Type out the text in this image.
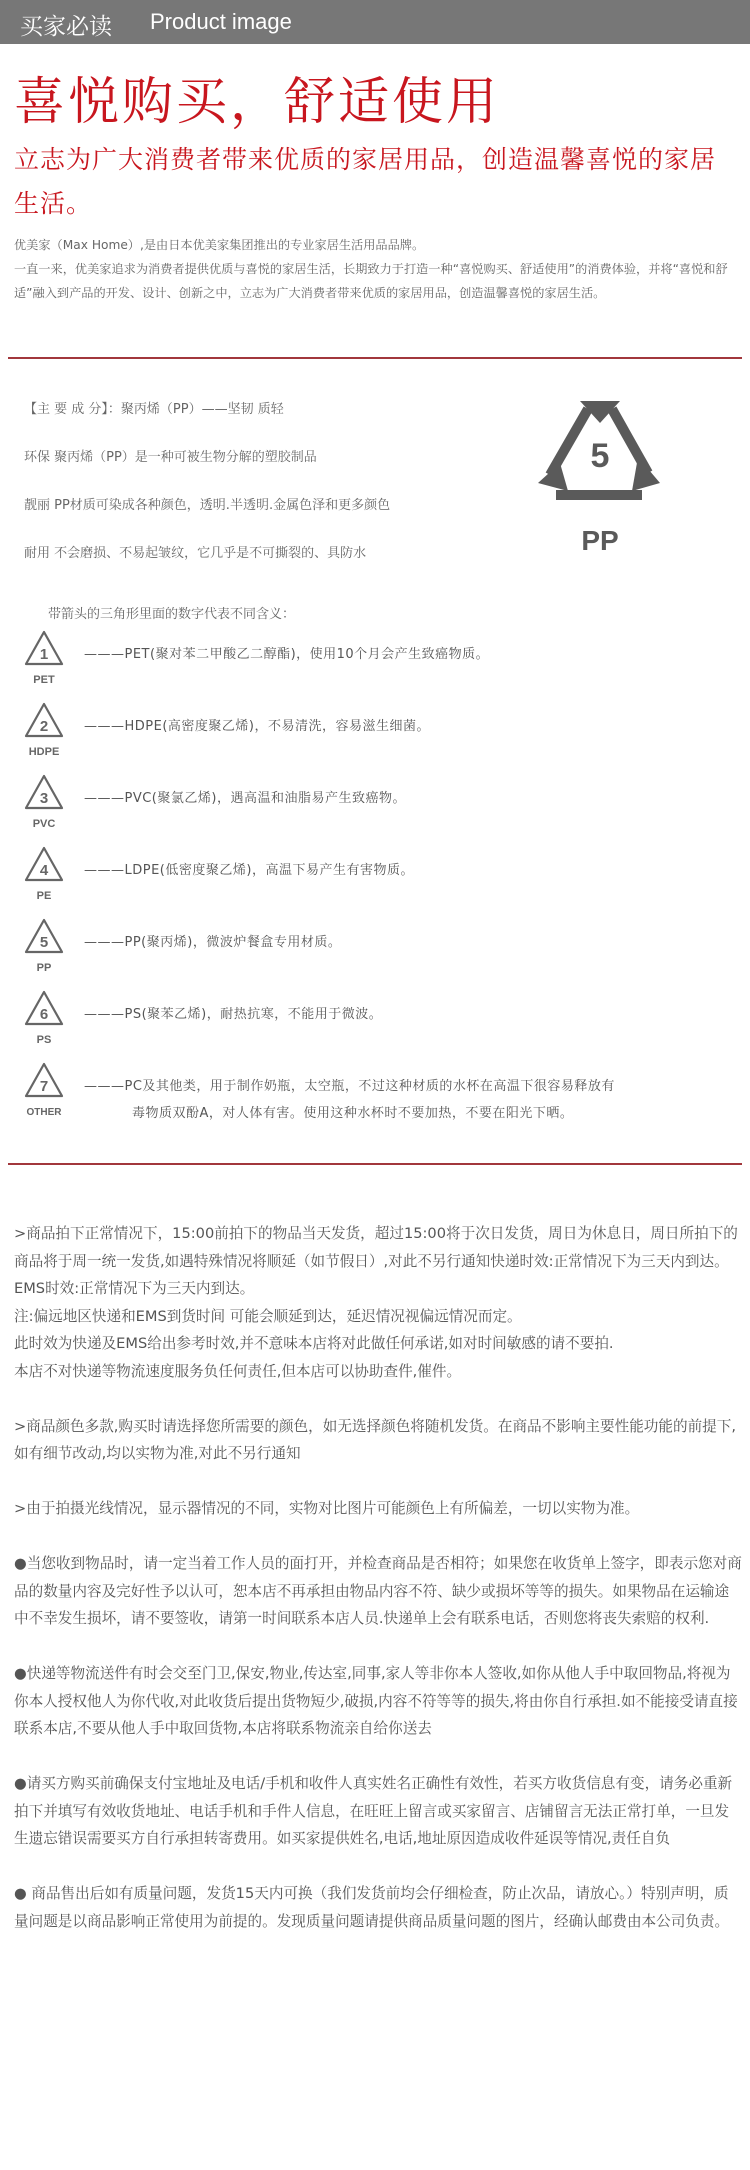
买家必读 Product image
喜悦购买，舒适使用
立志为广大消费者带来优质的家居用品，创造温馨喜悦的家居生活。
优美家（Max Home）,是由日本优美家集团推出的专业家居生活用品品牌。
一直一来，优美家追求为消费者提供优质与喜悦的家居生活，长期致力于打造一种“喜悦购买、舒适使用”的消费体验，并将“喜悦和舒适”融入到产品的开发、设计、创新之中，立志为广大消费者带来优质的家居用品，创造温馨喜悦的家居生活。
【主 要 成 分】：聚丙烯（PP）——坚韧 质轻
环保 聚丙烯（PP）是一种可被生物分解的塑胶制品
靓丽 PP材质可染成各种颜色，透明.半透明.金属色泽和更多颜色
耐用 不会磨损、不易起皱纹，它几乎是不可撕裂的、具防水
5
PP
带箭头的三角形里面的数字代表不同含义：
1
PET
———PET(聚对苯二甲酸乙二醇酯)，使用10个月会产生致癌物质。
2
HDPE
———HDPE(高密度聚乙烯)，不易清洗，容易滋生细菌。
3
PVC
———PVC(聚氯乙烯)，遇高温和油脂易产生致癌物。
4
PE
———LDPE(低密度聚乙烯)，高温下易产生有害物质。
5
PP
———PP(聚丙烯)，微波炉餐盒专用材质。
6
PS
———PS(聚苯乙烯)，耐热抗寒，不能用于微波。
7
OTHER
———PC及其他类，用于制作奶瓶，太空瓶，不过这种材质的水杯在高温下很容易释放有
毒物质双酚A，对人体有害。使用这种水杯时不要加热，不要在阳光下晒。

>商品拍下正常情况下，15:00前拍下的物品当天发货，超过15:00将于次日发货，周日为休息日，周日所拍下的商品将于周一统一发货,如遇特殊情况将顺延（如节假日）,对此不另行通知快递时效:正常情况下为三天内到达。
EMS时效:正常情况下为三天内到达。
注:偏远地区快递和EMS到货时间 可能会顺延到达，延迟情况视偏远情况而定。
此时效为快递及EMS给出参考时效,并不意味本店将对此做任何承诺,如对时间敏感的请不要拍.
本店不对快递等物流速度服务负任何责任,但本店可以协助查件,催件。

>商品颜色多款,购买时请选择您所需要的颜色，如无选择颜色将随机发货。在商品不影响主要性能功能的前提下,如有细节改动,均以实物为准,对此不另行通知

>由于拍摄光线情况，显示器情况的不同，实物对比图片可能颜色上有所偏差，一切以实物为准。

●当您收到物品时，请一定当着工作人员的面打开，并检查商品是否相符；如果您在收货单上签字，即表示您对商品的数量内容及完好性予以认可，恕本店不再承担由物品内容不符、缺少或损坏等等的损失。如果物品在运输途中不幸发生损坏，请不要签收，请第一时间联系本店人员.快递单上会有联系电话，否则您将丧失索赔的权利.

●快递等物流送件有时会交至门卫,保安,物业,传达室,同事,家人等非你本人签收,如你从他人手中取回物品,将视为你本人授权他人为你代收,对此收货后提出货物短少,破损,内容不符等等的损失,将由你自行承担.如不能接受请直接联系本店,不要从他人手中取回货物,本店将联系物流亲自给你送去

●请买方购买前确保支付宝地址及电话/手机和收件人真实姓名正确性有效性，若买方收货信息有变，请务必重新拍下并填写有效收货地址、电话手机和手件人信息，在旺旺上留言或买家留言、店铺留言无法正常打单，一旦发生遗忘错误需要买方自行承担转寄费用。如买家提供姓名,电话,地址原因造成收件延误等情况,责任自负

● 商品售出后如有质量问题，发货15天内可换（我们发货前均会仔细检查，防止次品，请放心。）特别声明，质量问题是以商品影响正常使用为前提的。发现质量问题请提供商品质量问题的图片，经确认邮费由本公司负责。
